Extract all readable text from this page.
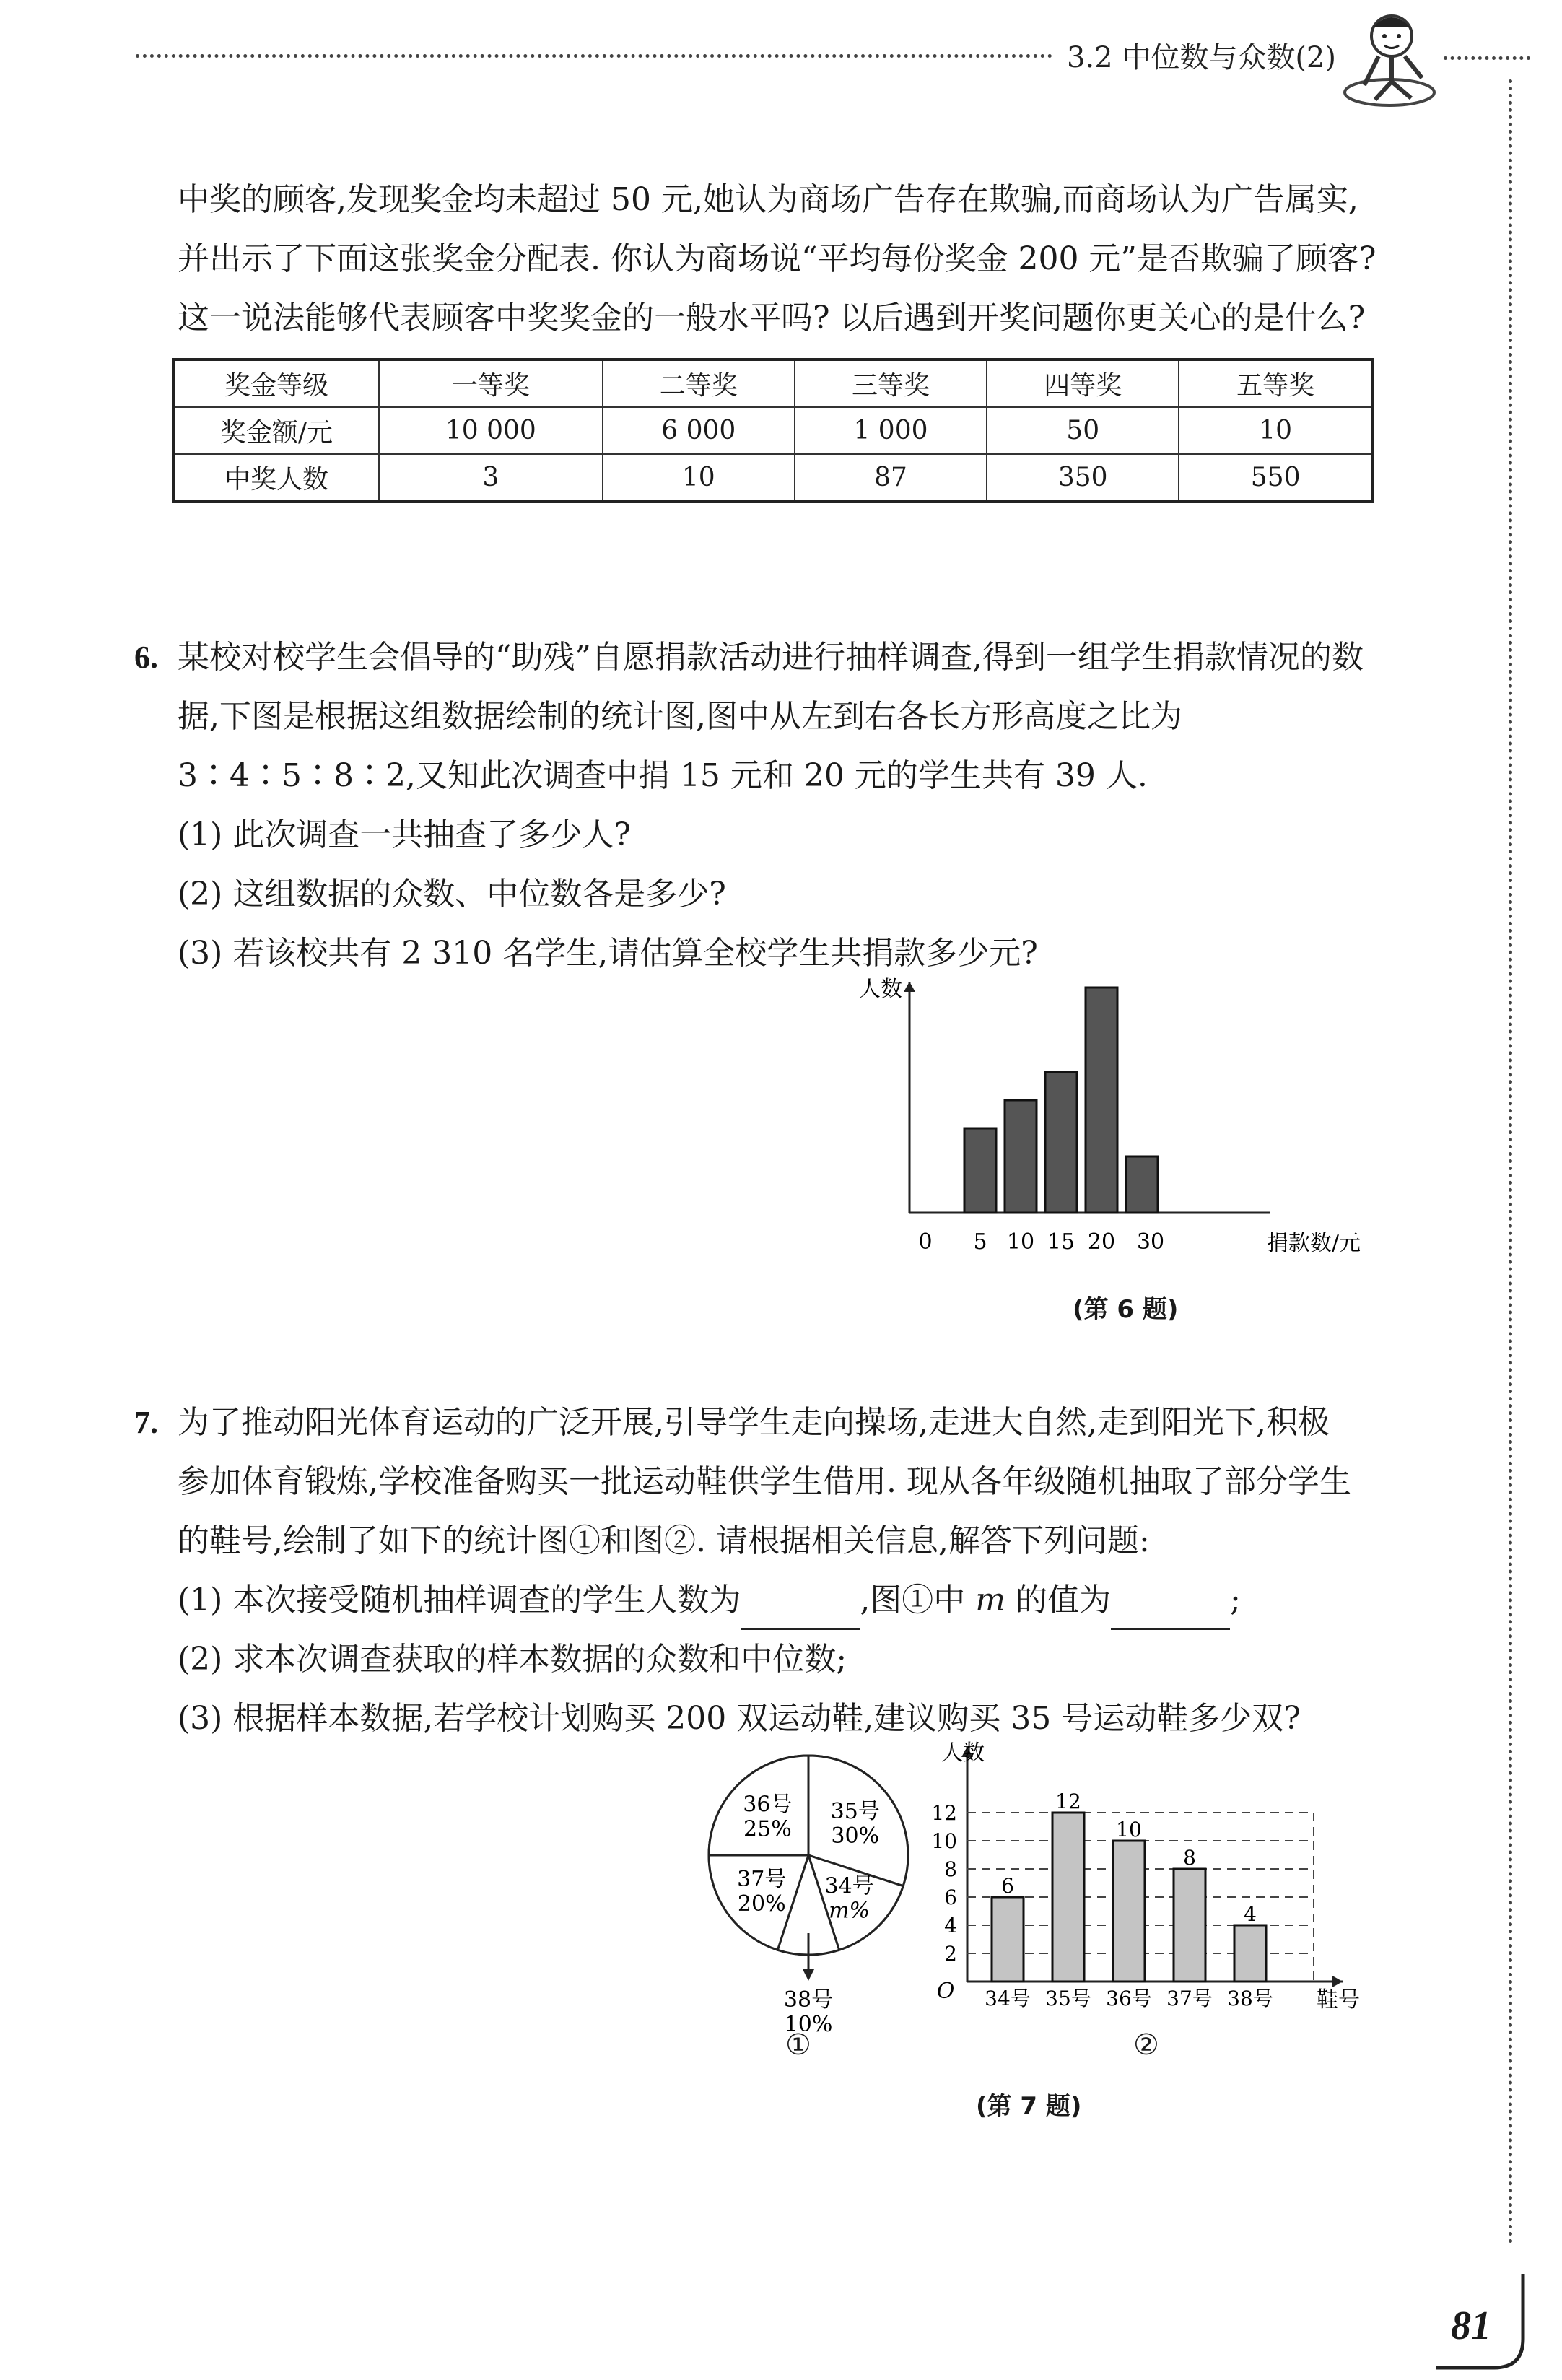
3.2 中位数与众数(2)
中奖的顾客,发现奖金均未超过 50 元,她认为商场广告存在欺骗,而商场认为广告属实,
并出示了下面这张奖金分配表. 你认为商场说“平均每份奖金 200 元”是否欺骗了顾客?
这一说法能够代表顾客中奖奖金的一般水平吗? 以后遇到开奖问题你更关心的是什么?
奖金等级	一等奖	二等奖	三等奖	四等奖	五等奖
奖金额/元	10 000	6 000	1 000	50	10
中奖人数	3	10	87	350	550
6. 某校对校学生会倡导的“助残”自愿捐款活动进行抽样调查,得到一组学生捐款情况的数
据,下图是根据这组数据绘制的统计图,图中从左到右各长方形高度之比为
3∶4∶5∶8∶2,又知此次调查中捐 15 元和 20 元的学生共有 39 人.
(1) 此次调查一共抽查了多少人?
(2) 这组数据的众数、中位数各是多少?
(3) 若该校共有 2 310 名学生,请估算全校学生共捐款多少元?
人数
捐款数/元
0 5 10 15 20 30
(第 6 题)
7. 为了推动阳光体育运动的广泛开展,引导学生走向操场,走进大自然,走到阳光下,积极
参加体育锻炼,学校准备购买一批运动鞋供学生借用. 现从各年级随机抽取了部分学生
的鞋号,绘制了如下的统计图①和图②. 请根据相关信息,解答下列问题:
(1) 本次接受随机抽样调查的学生人数为	,图①中 m 的值为	;
(2) 求本次调查获取的样本数据的众数和中位数;
(3) 根据样本数据,若学校计划购买 200 双运动鞋,建议购买 35 号运动鞋多少双?
35号
30%
34号
m%
38号
10%
37号
20%
36号
25%
①
人数
鞋号
O
2
4
6
8
10
12
6
34号
12
35号
10
36号
8
37号
4
38号
②
(第 7 题)
81
